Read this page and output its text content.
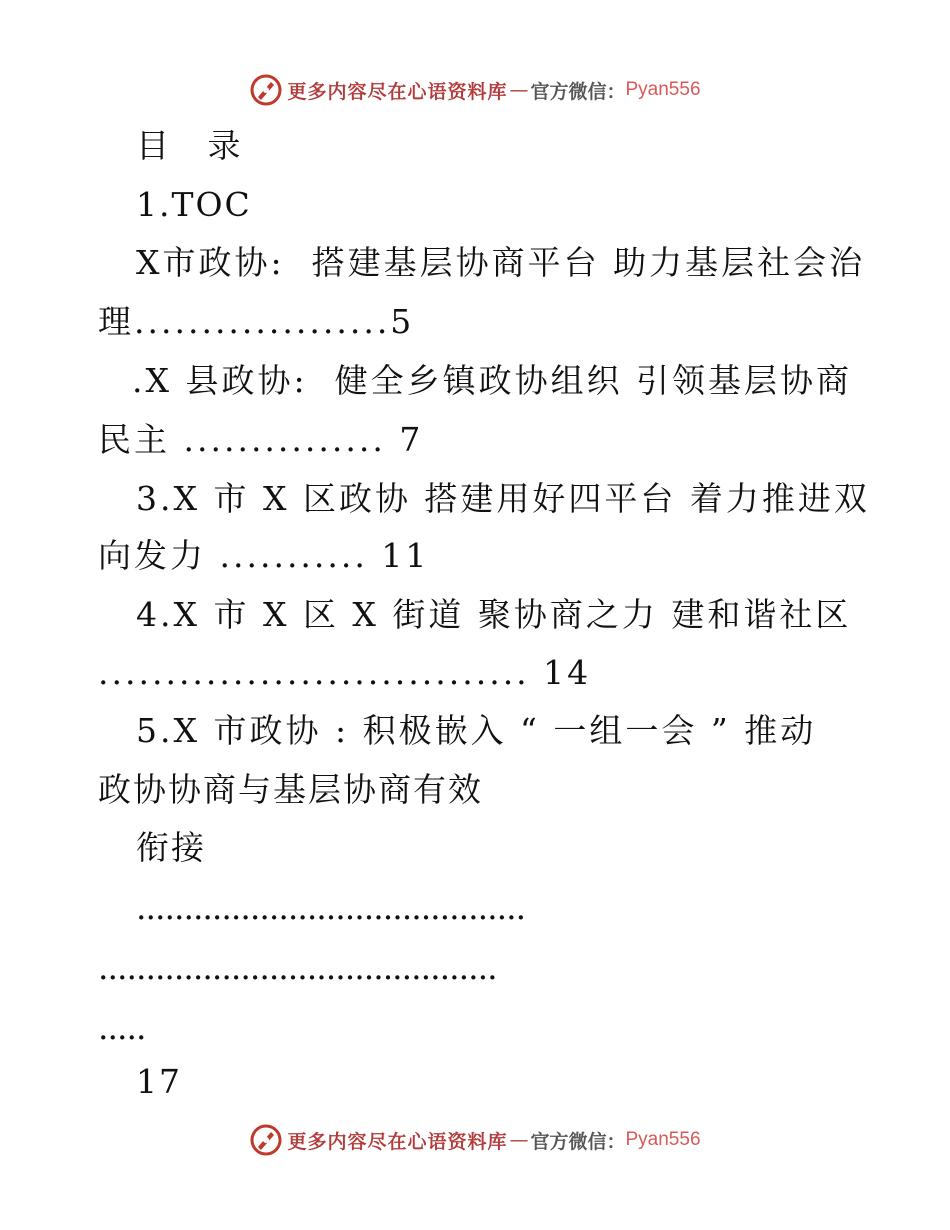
更多内容尽在心语资料库 — 官方微信： Pyan556
目 录
1.TOC
X市政协:  搭建基层协商平台 助力基层社会治
理...................5
.X 县政协:  健全乡镇政协组织 引领基层协商
民主 ............... 7
3.X 市 X 区政协 搭建用好四平台 着力推进双
向发力 ........... 11
4.X 市 X 区 X 街道 聚协商之力 建和谐社区
................................ 14
5.X 市政协 : 积极嵌入 “ 一组一会 ” 推动
政协协商与基层协商有效
衔接
.........................................
..........................................
.....
17
更多内容尽在心语资料库 — 官方微信： Pyan556
